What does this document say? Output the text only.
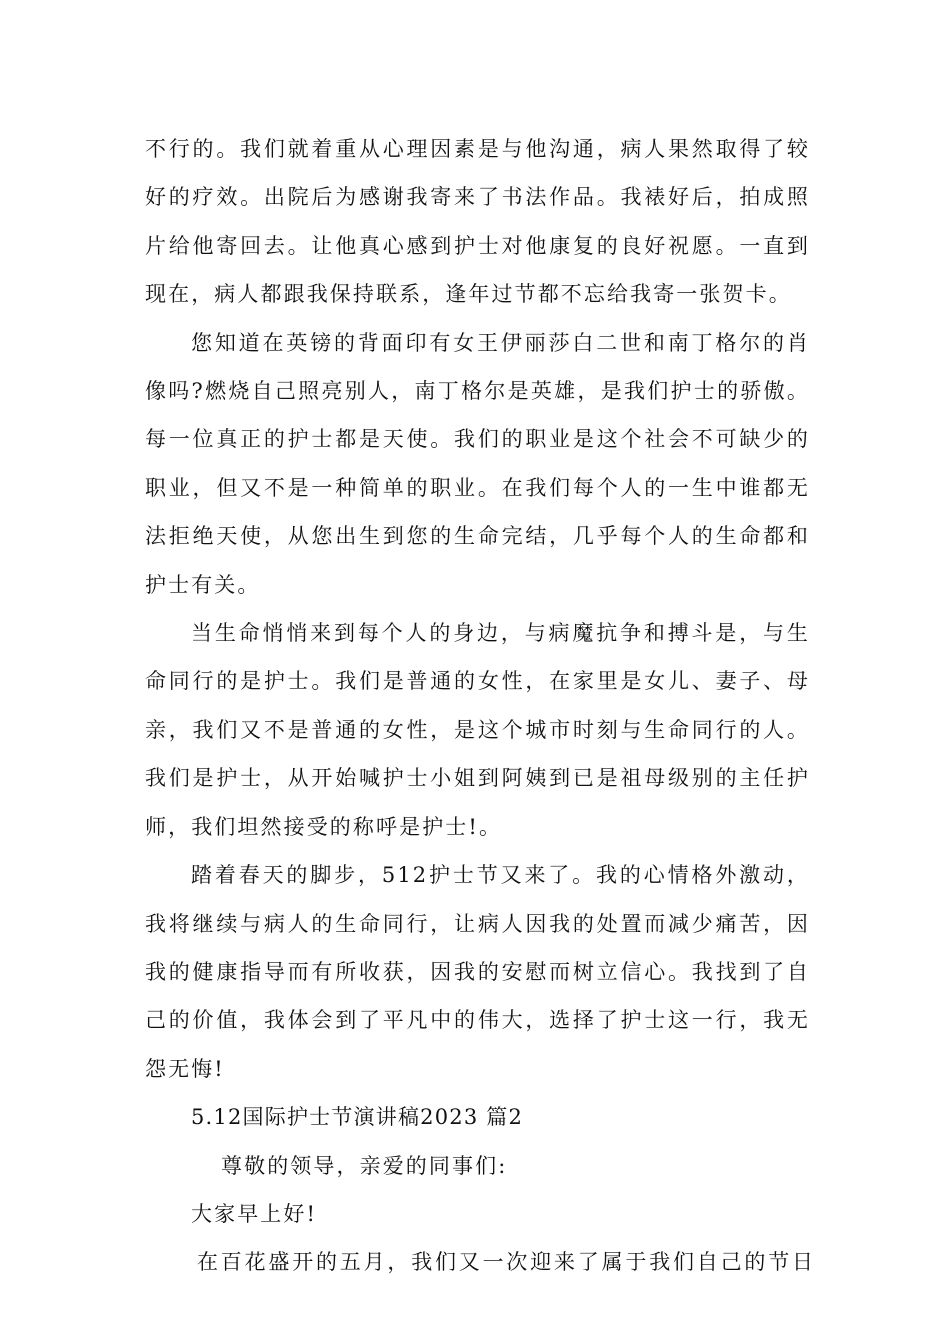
不行的。我们就着重从心理因素是与他沟通，病人果然取得了较好的疗效。出院后为感谢我寄来了书法作品。我裱好后，拍成照片给他寄回去。让他真心感到护士对他康复的良好祝愿。一直到现在，病人都跟我保持联系，逢年过节都不忘给我寄一张贺卡。

您知道在英镑的背面印有女王伊丽莎白二世和南丁格尔的肖像吗?燃烧自己照亮别人，南丁格尔是英雄，是我们护士的骄傲。每一位真正的护士都是天使。我们的职业是这个社会不可缺少的职业，但又不是一种简单的职业。在我们每个人的一生中谁都无法拒绝天使，从您出生到您的生命完结，几乎每个人的生命都和护士有关。

当生命悄悄来到每个人的身边，与病魔抗争和搏斗是，与生命同行的是护士。我们是普通的女性，在家里是女儿、妻子、母亲，我们又不是普通的女性，是这个城市时刻与生命同行的人。我们是护士，从开始喊护士小姐到阿姨到已是祖母级别的主任护师，我们坦然接受的称呼是护士!。

踏着春天的脚步，512护士节又来了。我的心情格外激动，我将继续与病人的生命同行，让病人因我的处置而减少痛苦，因我的健康指导而有所收获，因我的安慰而树立信心。我找到了自己的价值，我体会到了平凡中的伟大，选择了护士这一行，我无怨无悔!

5.12国际护士节演讲稿2023 篇2

尊敬的领导，亲爱的同事们:

大家早上好!

在百花盛开的五月，我们又一次迎来了属于我们自己的节日
